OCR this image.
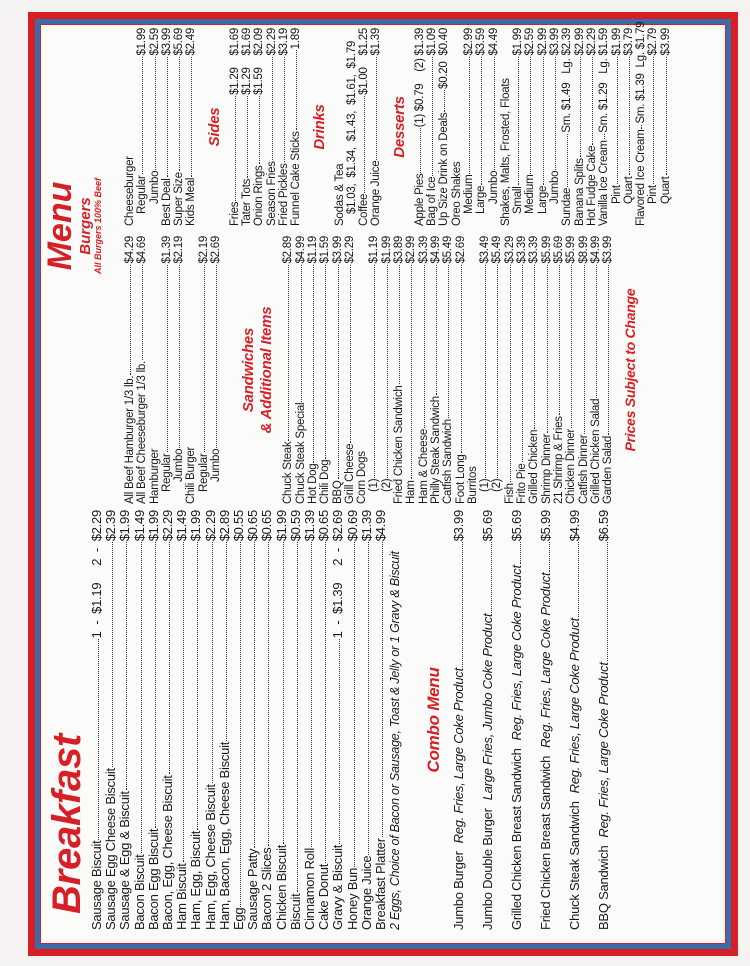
Breakfast Sausage Biscuit
1  -  $1.19     2  -  $2.29
Sausage Egg Cheese Biscuit
$2.39
Sausage & Egg & Biscuit
$1.99
Bacon Biscuit
$1.49
Bacon Egg Biscuit
$1.99
Bacon, Egg, Cheese Biscuit
$2.29
Ham Biscuit
$1.49
Ham, Egg, Biscuit
$1.99
Ham, Egg, Cheese Biscuit
$2.29
Ham, Bacon, Egg, Cheese Biscuit
$2.89
Egg
$0.55
Sausage Patty
$0.65
Bacon 2 Slices
$0.65
Chicken Biscuit
$1.99
Biscuit
$0.59
Cinnamon Roll
$1.39
Cake Donut
$0.65
Gravy & Biscuit
1  -  $1.39     2  -  $2.69
Honey Bun
$0.69
Orange Juice
$1.39
Breakfast Platter
$4.99
2 Eggs, Choice of Bacon or Sausage, Toast & Jelly or 1 Gravy & Biscuit Combo Menu
Jumbo Burger
Reg. Fries, Large Coke Product
$3.99
Jumbo Double Burger
Large Fries, Jumbo Coke Product
$5.69
Grilled Chicken Breast Sandwich
Reg. Fries, Large Coke Product
$5.69
Fried Chicken Breast Sandwich
Reg. Fries, Large Coke Product
$5.99
Chuck Steak Sandwich
Reg. Fries, Large Coke Product
$4.99
BBQ Sandwich
Reg. Fries, Large Coke Product
$6.59
Menu
Burgers All Burgers 100% Beef
All Beef Hamburger 1/3 lb.
$4.29
All Beef Cheeseburger 1/3 lb.
$4.69
Hamburger Regular
$1.39
Jumbo
$2.19
Chili Burger Regular
$2.19
Jumbo
$2.69
Sandwiches & Additional Items
Chuck Steak
$2.89
Chuck Steak Special
$4.99
Hot Dog
$1.19
Chili Dog
$1.59
BBQ
$3.99
Grill Cheese
$2.29
Corn Dogs (1)
$1.19
(2)
$1.99
Fried Chicken Sandwich
$3.89
Ham
$2.99
Ham & Cheese
$3.39
Philly Steak Sandwich
$4.99
Catfish Sandwich
$5.49
Foot Long
$2.69
Burritos (1)
$3.49
(2)
$5.49
Fish
$3.29
Frito Pie
$3.39
Grilled Chicken
$3.39
Shrimp Dinner
$5.99
21 Shrimp & Fries
$5.69
Chicken Dinner
$5.99
Catfish Dinner
$8.99
Grilled Chicken Salad
$4.99
Garden Salad
$3.99
Prices Subject to Change
Cheeseburger Regular
$1.99
Jumbo
$2.59
Best Deal
$3.99
Super Size
$5.69
Kids Meal
$2.49
Sides
Fries
$1.29    $1.69
Tater Tots
$1.29    $1.69
Onion Rings
$1.59    $2.09
Season Fries
$2.29
Fried Pickles
$3.19
Funnel Cake Sticks
1.89
Drinks
Sodas & Tea $1.03,  $1.34,  $1.43,  $1.61,  $1.79 Coffee
$1.00    $1.25
Orange Juice
$1.39
Desserts
Apple Pies
(1) $0.79    (2) $1.39
Bag of Ice
$1.09
Up Size Drink on Deals
$0.20  $0.40
Oreo Shakes Medium
$2.99
Large
$3.59
Jumbo
$4.49
Shakes, Malts, Frosted, Floats Small
$1.99
Medium
$2.59
Large
$2.99
Jumbo
$3.99
Sundae
Sm. $1.49   Lg. $2.39
Banana Splits
$2.99
Hot Fudge Cake
$2.29
Vanilla Ice Cream
Sm. $1.29   Lg. $1.59
Pint
$1.99
Quart
$3.79
Flavored Ice Cream
Sm. $1.39  Lg. $1.79
Pint
$2.79
Quart
$3.99
